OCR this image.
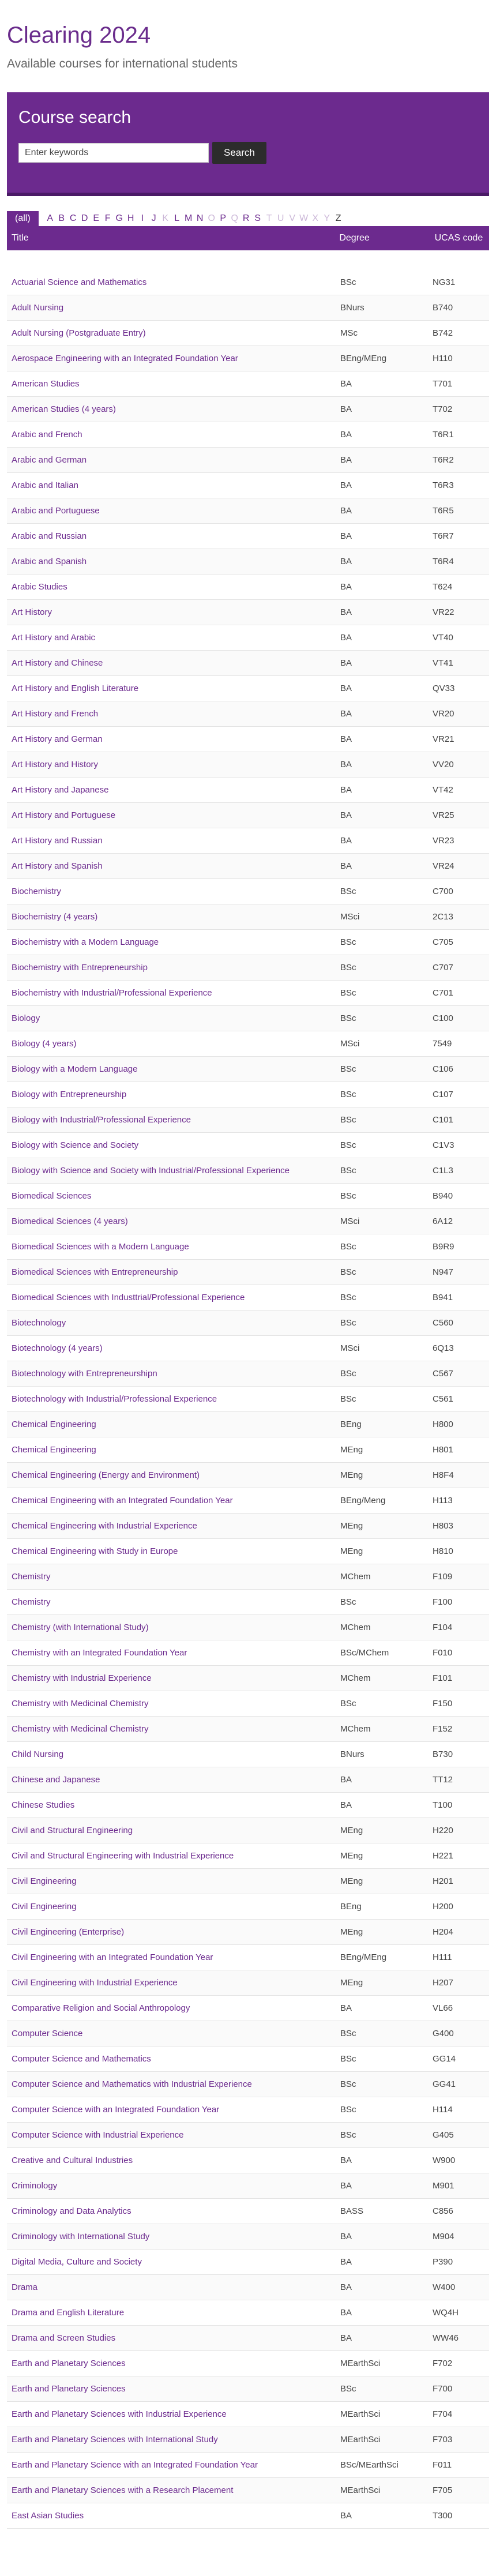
Clearing 2024

Available courses for international students

Course search
Enter keywords
Search
(all)	A B C D E F G H I J K L M N O P Q R S T U V W X Y Z
Title	Degree	UCAS code
Actuarial Science and Mathematics	BSc	NG31
Adult Nursing	BNurs	B740
Adult Nursing (Postgraduate Entry)	MSc	B742
Aerospace Engineering with an Integrated Foundation Year	BEng/MEng	H110
American Studies	BA	T701
American Studies (4 years)	BA	T702
Arabic and French	BA	T6R1
Arabic and German	BA	T6R2
Arabic and Italian	BA	T6R3
Arabic and Portuguese	BA	T6R5
Arabic and Russian	BA	T6R7
Arabic and Spanish	BA	T6R4
Arabic Studies	BA	T624
Art History	BA	VR22
Art History and Arabic	BA	VT40
Art History and Chinese	BA	VT41
Art History and English Literature	BA	QV33
Art History and French	BA	VR20
Art History and German	BA	VR21
Art History and History	BA	VV20
Art History and Japanese	BA	VT42
Art History and Portuguese	BA	VR25
Art History and Russian	BA	VR23
Art History and Spanish	BA	VR24
Biochemistry	BSc	C700
Biochemistry (4 years)	MSci	2C13
Biochemistry with a Modern Language	BSc	C705
Biochemistry with Entrepreneurship	BSc	C707
Biochemistry with Industrial/Professional Experience	BSc	C701
Biology	BSc	C100
Biology (4 years)	MSci	7549
Biology with a Modern Language	BSc	C106
Biology with Entrepreneurship	BSc	C107
Biology with Industrial/Professional Experience	BSc	C101
Biology with Science and Society	BSc	C1V3
Biology with Science and Society with Industrial/Professional Experience	BSc	C1L3
Biomedical Sciences	BSc	B940
Biomedical Sciences (4 years)	MSci	6A12
Biomedical Sciences with a Modern Language	BSc	B9R9
Biomedical Sciences with Entrepreneurship	BSc	N947
Biomedical Sciences with Industtrial/Professional Experience	BSc	B941
Biotechnology	BSc	C560
Biotechnology (4 years)	MSci	6Q13
Biotechnology with Entrepreneurshipn	BSc	C567
Biotechnology with Industrial/Professional Experience	BSc	C561
Chemical Engineering	BEng	H800
Chemical Engineering	MEng	H801
Chemical Engineering (Energy and Environment)	MEng	H8F4
Chemical Engineering with an Integrated Foundation Year	BEng/Meng	H113
Chemical Engineering with Industrial Experience	MEng	H803
Chemical Engineering with Study in Europe	MEng	H810
Chemistry	MChem	F109
Chemistry	BSc	F100
Chemistry (with International Study)	MChem	F104
Chemistry with an Integrated Foundation Year	BSc/MChem	F010
Chemistry with Industrial Experience	MChem	F101
Chemistry with Medicinal Chemistry	BSc	F150
Chemistry with Medicinal Chemistry	MChem	F152
Child Nursing	BNurs	B730
Chinese and Japanese	BA	TT12
Chinese Studies	BA	T100
Civil and Structural Engineering	MEng	H220
Civil and Structural Engineering with Industrial Experience	MEng	H221
Civil Engineering	MEng	H201
Civil Engineering	BEng	H200
Civil Engineering (Enterprise)	MEng	H204
Civil Engineering with an Integrated Foundation Year	BEng/MEng	H111
Civil Engineering with Industrial Experience	MEng	H207
Comparative Religion and Social Anthropology	BA	VL66
Computer Science	BSc	G400
Computer Science and Mathematics	BSc	GG14
Computer Science and Mathematics with Industrial Experience	BSc	GG41
Computer Science with an Integrated Foundation Year	BSc	H114
Computer Science with Industrial Experience	BSc	G405
Creative and Cultural Industries	BA	W900
Criminology	BA	M901
Criminology and Data Analytics	BASS	C856
Criminology with International Study	BA	M904
Digital Media, Culture and Society	BA	P390
Drama	BA	W400
Drama and English Literature	BA	WQ4H
Drama and Screen Studies	BA	WW46
Earth and Planetary Sciences	MEarthSci	F702
Earth and Planetary Sciences	BSc	F700
Earth and Planetary Sciences with Industrial Experience	MEarthSci	F704
Earth and Planetary Sciences with International Study	MEarthSci	F703
Earth and Planetary Science with an Integrated Foundation Year	BSc/MEarthSci	F011
Earth and Planetary Sciences with a Research Placement	MEarthSci	F705
East Asian Studies	BA	T300
